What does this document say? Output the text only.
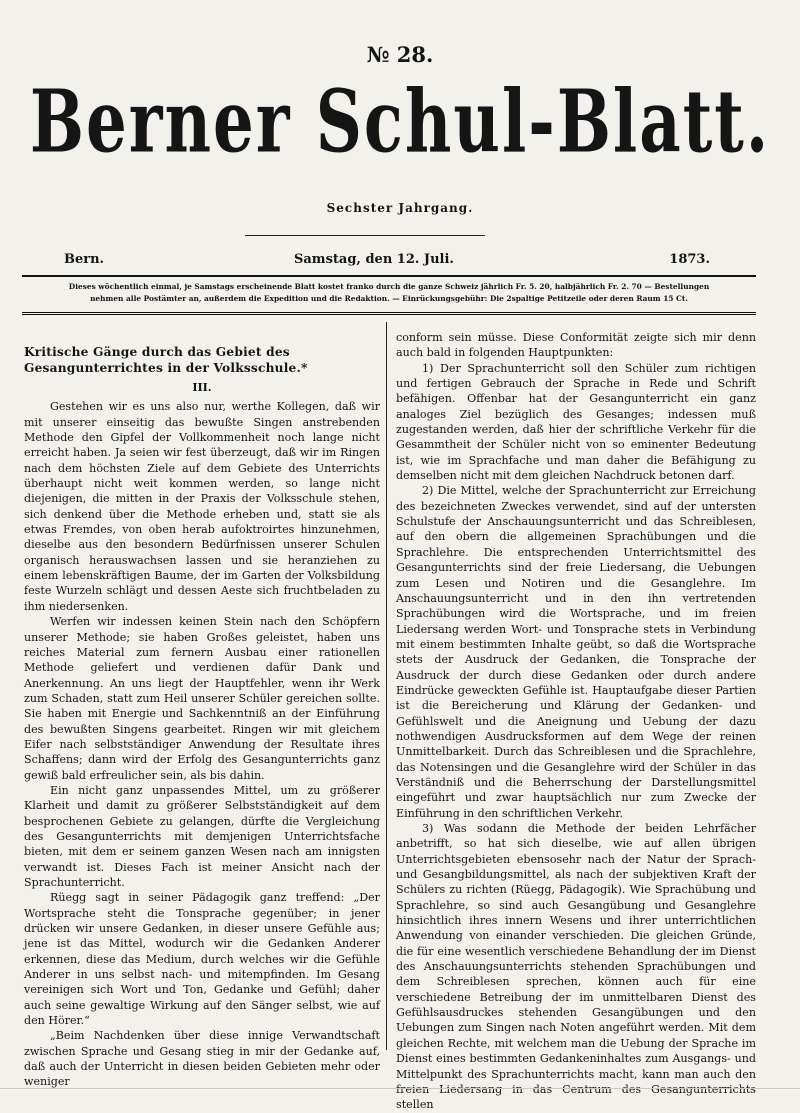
№ 28.
Berner Schul-Blatt.
Sechster Jahrgang.
Bern.	Samstag, den 12. Juli.	1873.
Dieses wöchentlich einmal, je Samstags erscheinende Blatt kostet franko durch die ganze Schweiz jährlich Fr. 5. 20, halbjährlich Fr. 2. 70 — Bestellungen
nehmen alle Postämter an, außerdem die Expedition und die Redaktion. — Einrückungsgebühr: Die 2spaltige Petitzeile oder deren Raum 15 Ct.
Kritische Gänge durch das Gebiet des Gesangunterrichtes in der Volksschule.*
III.

Gestehen wir es uns also nur, werthe Kollegen, daß wir mit unserer einseitig das bewußte Singen anstrebenden Methode den Gipfel der Vollkommenheit noch lange nicht erreicht haben. Ja seien wir fest überzeugt, daß wir im Ringen nach dem höchsten Ziele auf dem Gebiete des Unterrichts überhaupt nicht weit kommen werden, so lange nicht diejenigen, die mitten in der Praxis der Volksschule stehen, sich denkend über die Methode erheben und, statt sie als etwas Fremdes, von oben herab aufoktroirtes hinzunehmen, dieselbe aus den besondern Bedürfnissen unserer Schulen organisch herauswachsen lassen und sie heranziehen zu einem lebenskräftigen Baume, der im Garten der Volksbildung feste Wurzeln schlägt und dessen Aeste sich fruchtbeladen zu ihm niedersenken.

Werfen wir indessen keinen Stein nach den Schöpfern unserer Methode; sie haben Großes geleistet, haben uns reiches Material zum fernern Ausbau einer rationellen Methode geliefert und verdienen dafür Dank und Anerkennung. An uns liegt der Hauptfehler, wenn ihr Werk zum Schaden, statt zum Heil unserer Schüler gereichen sollte. Sie haben mit Energie und Sachkenntniß an der Einführung des bewußten Singens gearbeitet. Ringen wir mit gleichem Eifer nach selbstständiger Anwendung der Resultate ihres Schaffens; dann wird der Erfolg des Gesangunterrichts ganz gewiß bald erfreulicher sein, als bis dahin.

Ein nicht ganz unpassendes Mittel, um zu größerer Klarheit und damit zu größerer Selbstständigkeit auf dem besprochenen Gebiete zu gelangen, dürfte die Vergleichung des Gesangunterrichts mit demjenigen Unterrichtsfache bieten, mit dem er seinem ganzen Wesen nach am innigsten verwandt ist. Dieses Fach ist meiner Ansicht nach der Sprachunterricht.

Rüegg sagt in seiner Pädagogik ganz treffend: „Der Wortsprache steht die Tonsprache gegenüber; in jener drücken wir unsere Gedanken, in dieser unsere Gefühle aus; jene ist das Mittel, wodurch wir die Gedanken Anderer erkennen, diese das Medium, durch welches wir die Gefühle Anderer in uns selbst nach- und mitempfinden. Im Gesang vereinigen sich Wort und Ton, Gedanke und Gefühl; daher auch seine gewaltige Wirkung auf den Sänger selbst, wie auf den Hörer.“

„Beim Nachdenken über diese innige Verwandtschaft zwischen Sprache und Gesang stieg in mir der Gedanke auf, daß auch der Unterricht in diesen beiden Gebieten mehr oder weniger

conform sein müsse. Diese Conformität zeigte sich mir denn auch bald in folgenden Hauptpunkten:

1) Der Sprachunterricht soll den Schüler zum richtigen und fertigen Gebrauch der Sprache in Rede und Schrift befähigen. Offenbar hat der Gesangunterricht ein ganz analoges Ziel bezüglich des Gesanges; indessen muß zugestanden werden, daß hier der schriftliche Verkehr für die Gesammtheit der Schüler nicht von so eminenter Bedeutung ist, wie im Sprachfache und man daher die Befähigung zu demselben nicht mit dem gleichen Nachdruck betonen darf.

2) Die Mittel, welche der Sprachunterricht zur Erreichung des bezeichneten Zweckes verwendet, sind auf der untersten Schulstufe der Anschauungsunterricht und das Schreiblesen, auf den obern die allgemeinen Sprachübungen und die Sprachlehre. Die entsprechenden Unterrichtsmittel des Gesangunterrichts sind der freie Liedersang, die Uebungen zum Lesen und Notiren und die Gesanglehre. Im Anschauungsunterricht und in den ihn vertretenden Sprachübungen wird die Wortsprache, und im freien Liedersang werden Wort- und Tonsprache stets in Verbindung mit einem bestimmten Inhalte geübt, so daß die Wortsprache stets der Ausdruck der Gedanken, die Tonsprache der Ausdruck der durch diese Gedanken oder durch andere Eindrücke geweckten Gefühle ist. Hauptaufgabe dieser Partien ist die Bereicherung und Klärung der Gedanken- und Gefühlswelt und die Aneignung und Uebung der dazu nothwendigen Ausdrucksformen auf dem Wege der reinen Unmittelbarkeit. Durch das Schreiblesen und die Sprachlehre, das Notensingen und die Gesanglehre wird der Schüler in das Verständniß und die Beherrschung der Darstellungsmittel eingeführt und zwar hauptsächlich nur zum Zwecke der Einführung in den schriftlichen Verkehr.

3) Was sodann die Methode der beiden Lehrfächer anbetrifft, so hat sich dieselbe, wie auf allen übrigen Unterrichtsgebieten ebensosehr nach der Natur der Sprach- und Gesangbildungsmittel, als nach der subjektiven Kraft der Schülers zu richten (Rüegg, Pädagogik). Wie Sprachübung und Sprachlehre, so sind auch Gesangübung und Gesanglehre hinsichtlich ihres innern Wesens und ihrer unterrichtlichen Anwendung von einander verschieden. Die gleichen Gründe, die für eine wesentlich verschiedene Behandlung der im Dienst des Anschauungsunterrichts stehenden Sprachübungen und dem Schreiblesen sprechen, können auch für eine verschiedene Betreibung der im unmittelbaren Dienst des Gefühlsausdruckes stehenden Gesangübungen und den Uebungen zum Singen nach Noten angeführt werden. Mit dem gleichen Rechte, mit welchem man die Uebung der Sprache im Dienst eines bestimmten Gedankeninhaltes zum Ausgangs- und Mittelpunkt des Sprachunterrichts macht, kann man auch den freien Liedersang in das Centrum des Gesangunterrichts stellen
